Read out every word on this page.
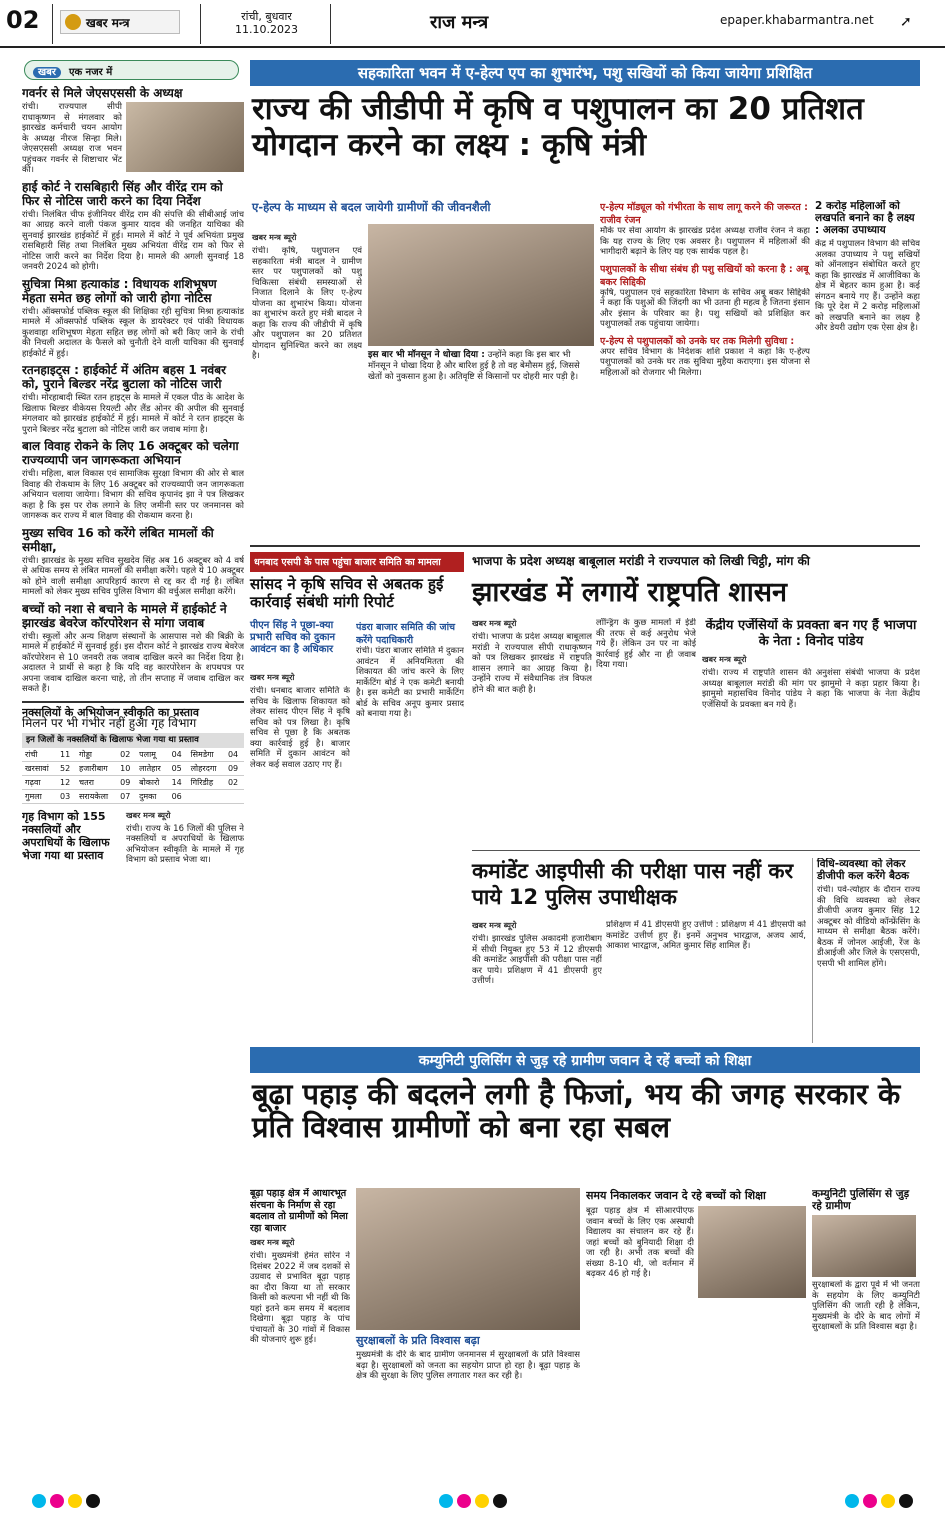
02	खबर मन्त्र	रांची, बुधवार
11.10.2023	राज मन्त्र	epaper.khabarmantra.net ➚
खबर एक नजर में
गवर्नर से मिले जेएसएससी के अध्यक्ष
रांची। राज्यपाल सीपी राधाकृष्णन से मंगलवार को झारखंड कर्मचारी चयन आयोग के अध्यक्ष नीरज सिन्हा मिले। जेएसएससी अध्यक्ष राज भवन पहुंचकर गवर्नर से शिष्टाचार भेंट की।
हाई कोर्ट ने रासबिहारी सिंह और वीरेंद्र राम को फिर से नोटिस जारी करने का दिया निर्देश
रांची। निलंबित चीफ इंजीनियर वीरेंद्र राम की संपत्ति की सीबीआई जांच का आग्रह करने वाली पंकज कुमार यादव की जनहित याचिका की सुनवाई झारखंड हाईकोर्ट में हुई। मामले में कोर्ट ने पूर्व अभियंता प्रमुख रासबिहारी सिंह तथा निलंबित मुख्य अभियंता वीरेंद्र राम को फिर से नोटिस जारी करने का निर्देश दिया है। मामले की अगली सुनवाई 18 जनवरी 2024 को होगी।
सुचित्रा मिश्रा हत्याकांड : विधायक शशिभूषण मेहता समेत छह लोगों को जारी होगा नोटिस
रांची। ऑक्सफोर्ड पब्लिक स्कूल की शिक्षिका रही सुचित्रा मिश्रा हत्याकांड मामले में ऑक्सफोर्ड पब्लिक स्कूल के डायरेक्टर एवं पांकी विधायक कुशवाहा शशिभूषण मेहता सहित छह लोगों को बरी किए जाने के रांची की निचली अदालत के फैसले को चुनौती देने वाली याचिका की सुनवाई हाईकोर्ट में हुई।
रतनहाइट्स : हाईकोर्ट में अंतिम बहस 1 नवंबर को, पुराने बिल्डर नरेंद्र बुटाला को नोटिस जारी
रांची। मोरहाबादी स्थित रतन हाइट्स के मामले में एकल पीठ के आदेश के खिलाफ बिल्डर वीकेयस रियल्टी और लैंड ओनर की अपील की सुनवाई मंगलवार को झारखंड हाईकोर्ट में हुई। मामले में कोर्ट ने रतन हाइट्स के पुराने बिल्डर नरेंद्र बुटाला को नोटिस जारी कर जवाब मांगा है।
बाल विवाह रोकने के लिए 16 अक्टूबर को चलेगा राज्यव्यापी जन जागरूकता अभियान
रांची। महिला, बाल विकास एवं सामाजिक सुरक्षा विभाग की ओर से बाल विवाह की रोकथाम के लिए 16 अक्टूबर को राज्यव्यापी जन जागरूकता अभियान चलाया जायेगा। विभाग की सचिव कृपानंद झा ने पत्र लिखकर कहा है कि इस पर रोक लगाने के लिए जमीनी स्तर पर जनमानस को जागरूक कर राज्य में बाल विवाह की रोकथाम करना है।
मुख्य सचिव 16 को करेंगे लंबित मामलों की समीक्षा,
रांची। झारखंड के मुख्य सचिव सुखदेव सिंह अब 16 अक्टूबर को 4 वर्ष से अधिक समय से लंबित मामलों की समीक्षा करेंगे। पहले ये 10 अक्टूबर को होने वाली समीक्षा आपरिहार्य कारण से रद्द कर दी गई है। लंबित मामलों को लेकर मुख्य सचिव पुलिस विभाग की वर्चुअल समीक्षा करेंगे।
बच्चों को नशा से बचाने के मामले में हाईकोर्ट ने झारखंड बेवरेज कॉरपोरेशन से मांगा जवाब
रांची। स्कूलों और अन्य शिक्षण संस्थानों के आसपास नशे की बिक्री के मामले में हाईकोर्ट में सुनवाई हुई। इस दौरान कोर्ट ने झारखंड राज्य बेवरेज कॉरपोरेशन से 10 जनवरी तक जवाब दाखिल करने का निर्देश दिया है। अदालत ने प्रार्थी से कहा है कि यदि वह कारपोरेशन के शपथपत्र पर अपना जवाब दाखिल करना चाहे, तो तीन सप्ताह में जवाब दाखिल कर सकते हैं।
नक्सलियों के अभियोजन स्वीकृति का प्रस्ताव
मिलने पर भी गंभीर नहीं हुआ गृह विभाग
इन जिलों के नक्सलियों के खिलाफ भेजा गया था प्रस्ताव
रांची	11	गोड्डा	02	पलामू	04	सिमडेगा	04
खरसावां	52	हजारीबाग	10	लातेहार	05	लोहरदगा	09
गढ़वा	12	चतरा	09	बोकारो	14	गिरिडीह	02
गुमला	03	सरायकेला	07	दुमका	06		
गृह विभाग को 155 नक्सलियों और अपराधियों के खिलाफ भेजा गया था प्रस्ताव
खबर मन्त्र ब्यूरो
रांची। राज्य के 16 जिलों की पुलिस ने नक्सलियों व अपराधियों के खिलाफ अभियोजन स्वीकृति के मामले में गृह विभाग को प्रस्ताव भेजा था।
सहकारिता भवन में ए-हेल्प एप का शुभारंभ, पशु सखियों को किया जायेगा प्रशिक्षित
राज्य की जीडीपी में कृषि व पशुपालन का 20 प्रतिशत योगदान करने का लक्ष्य : कृषि मंत्री
ए-हेल्प के माध्यम से बदल जायेगी ग्रामीणों की जीवनशैली
खबर मन्त्र ब्यूरो
रांची। कृषि, पशुपालन एवं सहकारिता मंत्री बादल ने ग्रामीण स्तर पर पशुपालकों को पशु चिकित्सा संबंधी समस्याओं से निजात दिलाने के लिए ए-हेल्प योजना का शुभारंभ किया। योजना का शुभारंभ करते हुए मंत्री बादल ने कहा कि राज्य की जीडीपी में कृषि और पशुपालन का 20 प्रतिशत योगदान सुनिश्चित करने का लक्ष्य है।	इस बार भी मॉनसून ने धोखा दिया : उन्होंने कहा कि इस बार भी मॉनसून ने धोखा दिया है और बारिश हुई है तो वह बेमौसम हुई, जिससे खेतों को नुकसान हुआ है। अतिवृष्टि से किसानों पर दोहरी मार पड़ी है।
ए-हेल्प मॉड्यूल को गंभीरता के साथ लागू करने की जरूरत : राजीव रंजन
मौके पर सेवा आयोग के झारखंड प्रदेश अध्यक्ष राजीव रंजन ने कहा कि यह राज्य के लिए एक अवसर है। पशुपालन में महिलाओं की भागीदारी बढ़ाने के लिए यह एक सार्थक पहल है।
पशुपालकों के सीधा संबंध ही पशु सखियों को करना है : अबू बकर सिद्दिकी
कृषि, पशुपालन एवं सहकारिता विभाग के सचिव अबू बकर सिद्दिकी ने कहा कि पशुओं की जिंदगी का भी उतना ही महत्व है जितना इंसान और इंसान के परिवार का है। पशु सखियों को प्रशिक्षित कर पशुपालकों तक पहुंचाया जायेगा।
ए-हेल्प से पशुपालकों को उनके घर तक मिलेगी सुविधा :
अपर सचिव विभाग के निदेशक शशि प्रकाश ने कहा कि ए-हेल्प पशुपालकों को उनके घर तक सुविधा मुहैया कराएगा। इस योजना से महिलाओं को रोजगार भी मिलेगा।
2 करोड़ महिलाओं को लखपति बनाने का है लक्ष्य : अलका उपाध्याय
केंद्र में पशुपालन विभाग की सचिव अलका उपाध्याय ने पशु सखियों को ऑनलाइन संबोधित करते हुए कहा कि झारखंड में आजीविका के क्षेत्र में बेहतर काम हुआ है। कई संगठन बनाये गए हैं। उन्होंने कहा कि पूरे देश में 2 करोड़ महिलाओं को लखपति बनाने का लक्ष्य है और डेयरी उद्योग एक ऐसा क्षेत्र है।
धनबाद एसपी के पास पहुंचा बाजार समिति का मामला
सांसद ने कृषि सचिव से अबतक हुई कार्रवाई संबंधी मांगी रिपोर्ट
पीएन सिंह ने पूछा-क्या प्रभारी सचिव को दुकान आवंटन का है अधिकार
खबर मन्त्र ब्यूरो
रांची। धनबाद बाजार समिति के सचिव के खिलाफ शिकायत को लेकर सांसद पीएन सिंह ने कृषि सचिव को पत्र लिखा है। कृषि सचिव से पूछा है कि अबतक क्या कार्रवाई हुई है। बाजार समिति में दुकान आवंटन को लेकर कई सवाल उठाए गए हैं।
पंडरा बाजार समिति की जांच करेंगे पदाधिकारी
रांची। पंडरा बाजार समिति में दुकान आवंटन में अनियमितता की शिकायत की जांच करने के लिए मार्केटिंग बोर्ड ने एक कमेटी बनायी है। इस कमेटी का प्रभारी मार्केटिंग बोर्ड के सचिव अनूप कुमार प्रसाद को बनाया गया है।
भाजपा के प्रदेश अध्यक्ष बाबूलाल मरांडी ने राज्यपाल को लिखी चिट्ठी, मांग की
झारखंड में लगायें राष्ट्रपति शासन
खबर मन्त्र ब्यूरो
रांची। भाजपा के प्रदेश अध्यक्ष बाबूलाल मरांडी ने राज्यपाल सीपी राधाकृष्णन को पत्र लिखकर झारखंड में राष्ट्रपति शासन लगाने का आग्रह किया है। उन्होंने राज्य में संवैधानिक तंत्र विफल होने की बात कही है।
लॉन्ड्रिंग के कुछ मामलों में ईडी की तरफ से कई अनुरोध भेजे गये हैं। लेकिन उन पर ना कोई कार्रवाई हुई और ना ही जवाब दिया गया।
केंद्रीय एजेंसियों के प्रवक्ता बन गए हैं भाजपा के नेता : विनोद पांडेय
खबर मन्त्र ब्यूरो
रांची। राज्य में राष्ट्रपति शासन की अनुशंसा संबंधी भाजपा के प्रदेश अध्यक्ष बाबूलाल मरांडी की मांग पर झामुमो ने कड़ा प्रहार किया है। झामुमो महासचिव विनोद पांडेय ने कहा कि भाजपा के नेता केंद्रीय एजेंसियों के प्रवक्ता बन गये हैं।
कमांडेंट आइपीसी की परीक्षा पास नहीं कर पाये 12 पुलिस उपाधीक्षक
खबर मन्त्र ब्यूरो
रांची। झारखंड पुलिस अकादमी हजारीबाग में सीधी नियुक्त हुए 53 में 12 डीएसपी की कमांडेंट आइपीसी की परीक्षा पास नहीं कर पाये। प्रशिक्षण में 41 डीएसपी हुए उत्तीर्ण।
प्रशिक्षण में 41 डीएसपी हुए उत्तीर्ण : प्रशिक्षण में 41 डीएसपी को कमांडेंट उत्तीर्ण हुए हैं। इनमें अनुभव भारद्वाज, अजय आर्य, आकाश भारद्वाज, अमित कुमार सिंह शामिल हैं।
विधि-व्यवस्था को लेकर डीजीपी कल करेंगे बैठक
रांची। पर्व-त्योहार के दौरान राज्य की विधि व्यवस्था को लेकर डीजीपी अजय कुमार सिंह 12 अक्टूबर को वीडियो कॉन्फ्रेंसिंग के माध्यम से समीक्षा बैठक करेंगे। बैठक में जोनल आईजी, रेंज के डीआईजी और जिले के एसएसपी, एसपी भी शामिल होंगे।
कम्युनिटी पुलिसिंग से जुड़ रहे ग्रामीण जवान दे रहें बच्चों को शिक्षा
बूढ़ा पहाड़ की बदलने लगी है फिजां, भय की जगह सरकार के प्रति विश्वास ग्रामीणों को बना रहा सबल
बूढ़ा पहाड़ क्षेत्र में आधारभूत संरचना के निर्माण से रहा बदलाव तो ग्रामीणों को मिला रहा बाजार
खबर मन्त्र ब्यूरो
रांची। मुख्यमंत्री हेमंत सोरेन ने दिसंबर 2022 में जब दशकों से उग्रवाद से प्रभावित बूढ़ा पहाड़ का दौरा किया था तो सरकार किसी को कल्पना भी नहीं थी कि यहां इतने कम समय में बदलाव दिखेगा। बूढ़ा पहाड़ के पांच पंचायतों के 30 गांवों में विकास की योजनाएं शुरू हुई।	सुरक्षाबलों के प्रति विश्वास बढ़ा
मुख्यमंत्री के दौरे के बाद ग्रामीण जनमानस में सुरक्षाबलों के प्रति विश्वास बढ़ा है। सुरक्षाबलों को जनता का सहयोग प्राप्त हो रहा है। बूढ़ा पहाड़ के क्षेत्र की सुरक्षा के लिए पुलिस लगातार गश्त कर रही है।
समय निकालकर जवान दे रहे बच्चों को शिक्षा
बूढ़ा पहाड़ क्षेत्र में सीआरपीएफ जवान बच्चों के लिए एक अस्थायी विद्यालय का संचालन कर रहे हैं। जहां बच्चों को बुनियादी शिक्षा दी जा रही है। अभी तक बच्चों की संख्या 8-10 थी, जो वर्तमान में बढ़कर 46 हो गई है।
कम्युनिटी पुलिसिंग से जुड़ रहे ग्रामीण
सुरक्षाबलों के द्वारा पूर्व में भी जनता के सहयोग के लिए कम्युनिटी पुलिसिंग की जाती रही है लेकिन, मुख्यमंत्री के दौरे के बाद लोगों में सुरक्षाबलों के प्रति विश्वास बढ़ा है।
